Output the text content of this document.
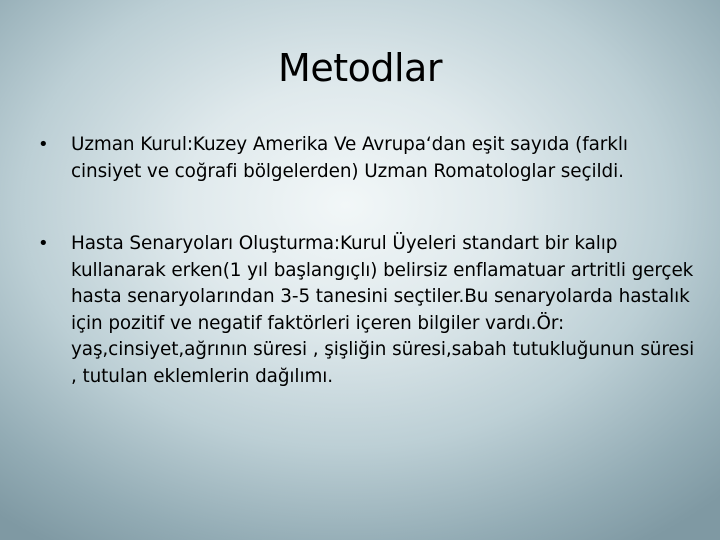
Metodlar
•	Uzman Kurul:Kuzey Amerika Ve Avrupa‘dan eşit sayıda (farklı cinsiyet ve coğrafi bölgelerden) Uzman Romatologlar seçildi.
•	Hasta Senaryoları Oluşturma:Kurul Üyeleri standart bir kalıp kullanarak erken(1 yıl başlangıçlı) belirsiz enflamatuar artritli gerçek hasta senaryolarından 3-5 tanesini seçtiler.Bu senaryolarda hastalık için pozitif ve negatif faktörleri içeren bilgiler vardı.Ör: yaş,cinsiyet,ağrının süresi , şişliğin süresi,sabah tutukluğunun süresi , tutulan eklemlerin dağılımı.
